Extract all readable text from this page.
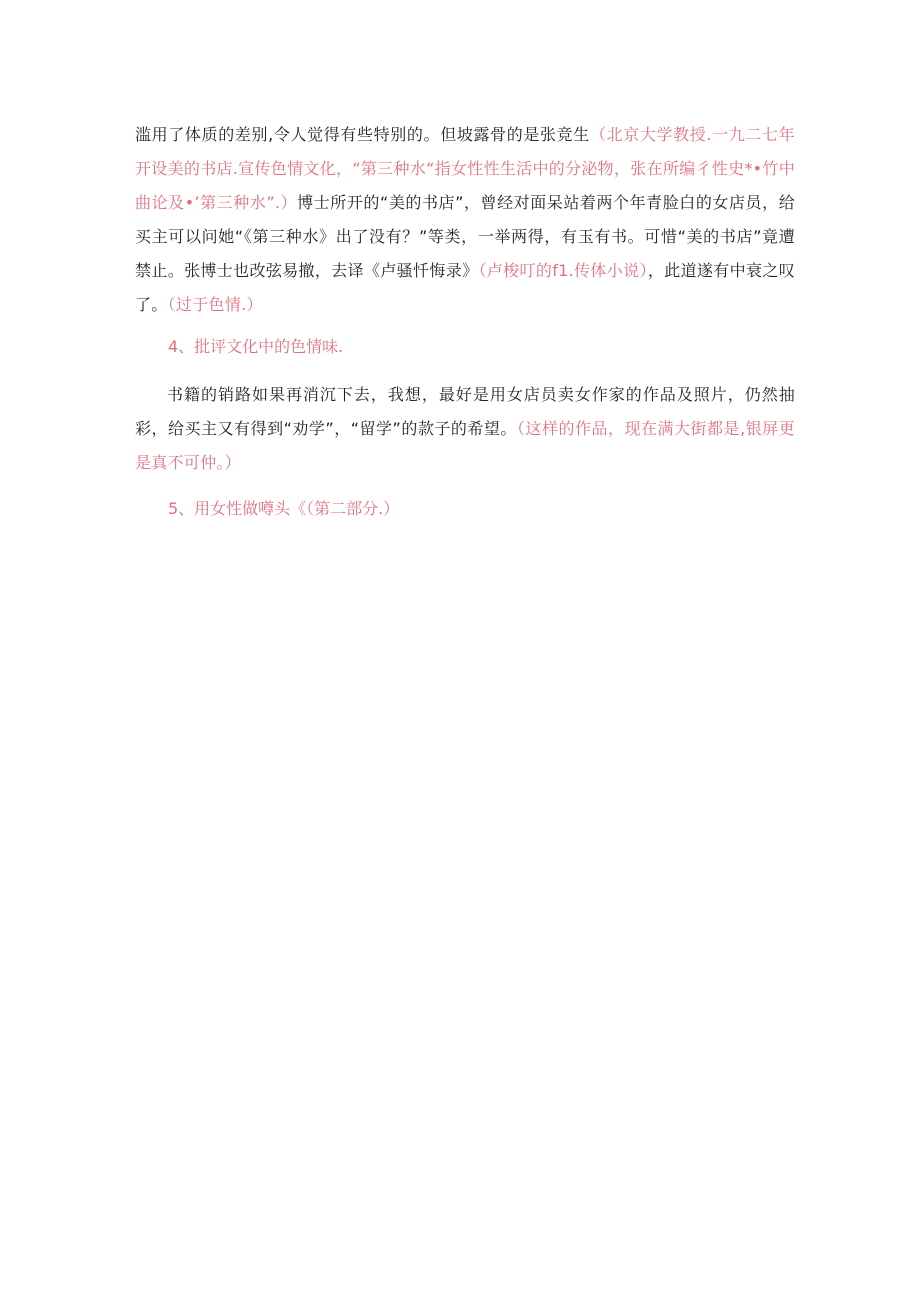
滥用了体质的差别,令人觉得有些特别的。但坡露骨的是张竞生（北京大学教授.一九二七年开设美的书店.宣传色情文化，“第三种水“指女性性生活中的分泌物，张在所编彳性史*•竹中曲论及•’第三种水”.）博士所开的“美的书店”，曾经对面呆站着两个年青脸白的女店员，给买主可以问她“《第三种水》出了没有？”等类，一举两得，有玉有书。可惜“美的书店”竟遭禁止。张博士也改弦易撤，去译《卢骚忏悔录》（卢梭叮的f1.传体小说），此道遂有中衰之叹了。（过于色情.）

4、批评文化中的色情味.

书籍的销路如果再消沉下去，我想，最好是用女店员卖女作家的作品及照片，仍然抽彩，给买主又有得到“劝学”，“留学”的款子的希望。（这样的作品，现在满大街都是,银屏更是真不可仲。）

5、用女性做噂头《（第二部分.）
